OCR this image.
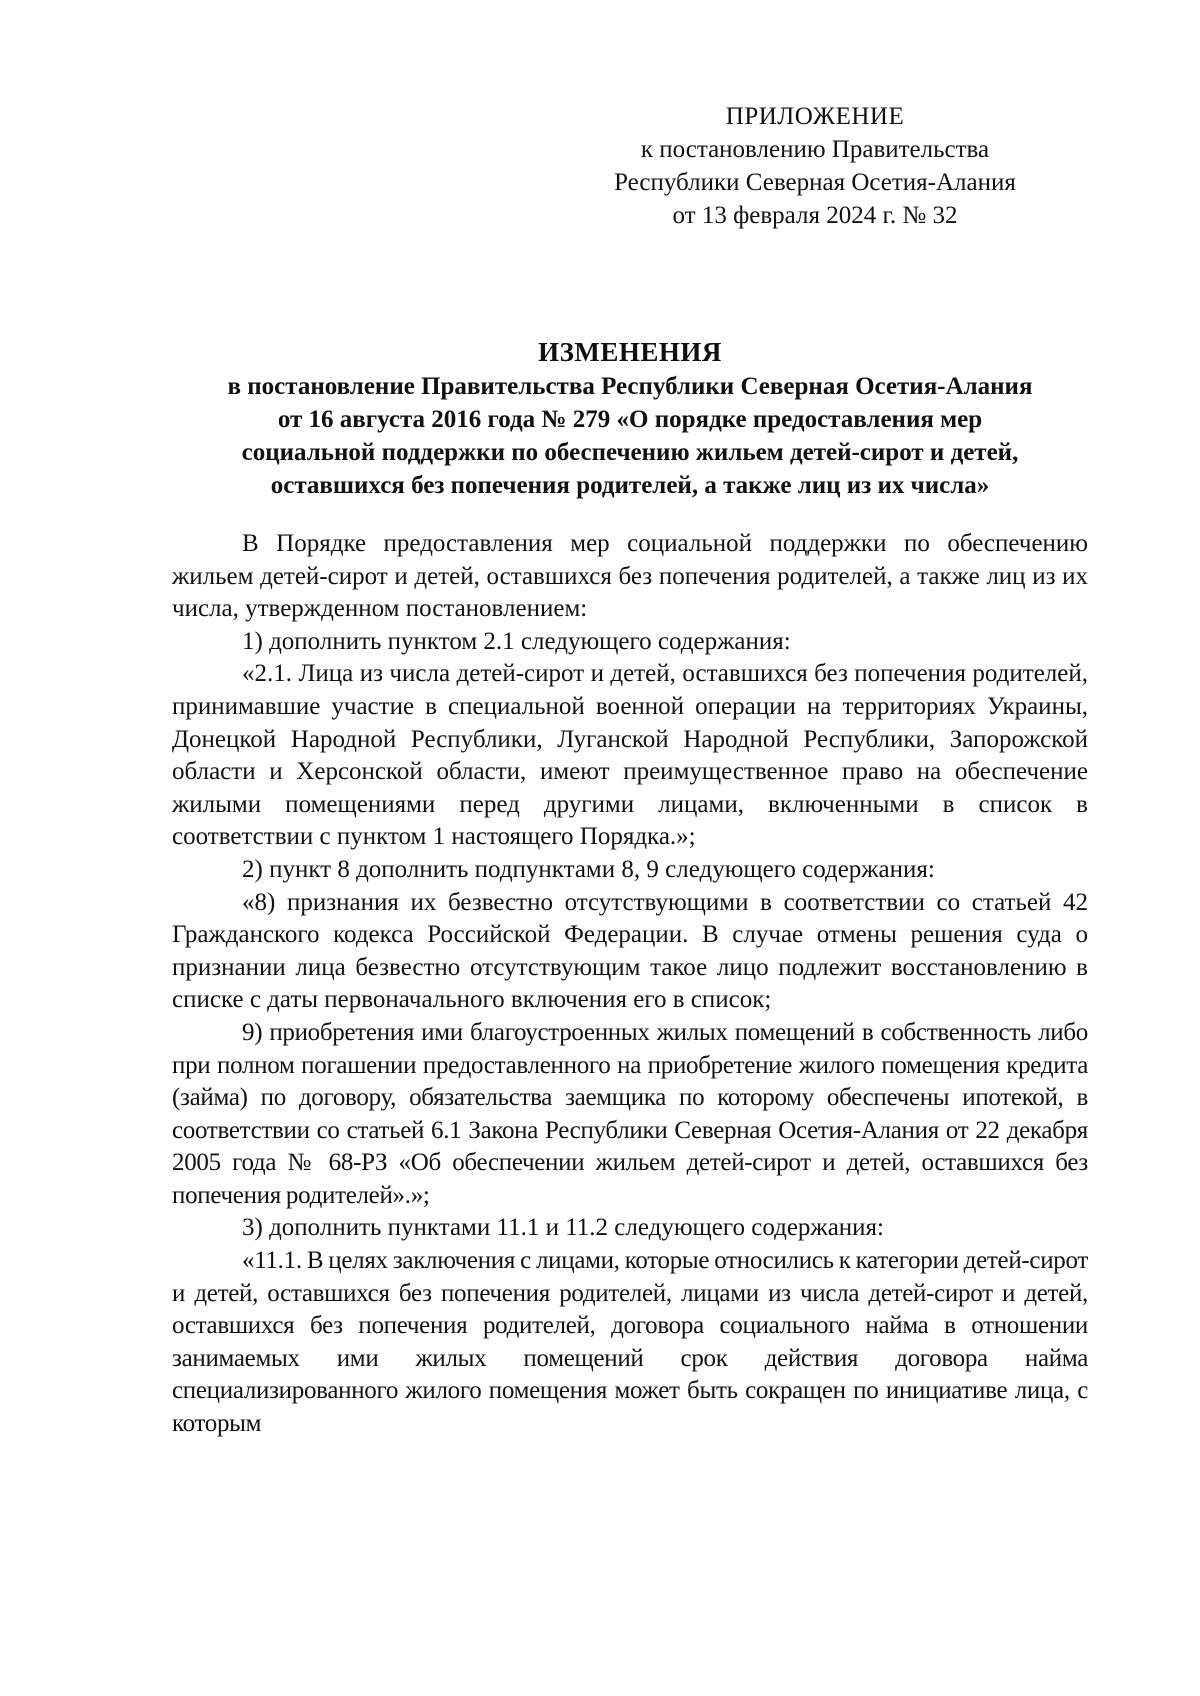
ПРИЛОЖЕНИЕ
к постановлению Правительства
Республики Северная Осетия-Алания
от 13 февраля 2024 г. № 32
ИЗМЕНЕНИЯ
в постановление Правительства Республики Северная Осетия-Алания
от 16 августа 2016 года № 279 «О порядке предоставления мер
социальной поддержки по обеспечению жильем детей-сирот и детей,
оставшихся без попечения родителей, а также лиц из их числа»

В Порядке предоставления мер социальной поддержки по обеспечению жильем детей-сирот и детей, оставшихся без попечения родителей, а также лиц из их числа, утвержденном постановлением:

1) дополнить пунктом 2.1 следующего содержания:

«2.1. Лица из числа детей-сирот и детей, оставшихся без попечения родителей, принимавшие участие в специальной военной операции на территориях Украины, Донецкой Народной Республики, Луганской Народной Республики, Запорожской области и Херсонской области, имеют преимущественное право на обеспечение жилыми помещениями перед другими лицами, включенными в список в соответствии с пунктом 1 настоящего Порядка.»;

2) пункт 8 дополнить подпунктами 8, 9 следующего содержания:

«8) признания их безвестно отсутствующими в соответствии со статьей 42 Гражданского кодекса Российской Федерации. В случае отмены решения суда о признании лица безвестно отсутствующим такое лицо подлежит восстановлению в списке с даты первоначального включения его в список;

9) приобретения ими благоустроенных жилых помещений в собственность либо при полном погашении предоставленного на приобретение жилого помещения кредита (займа) по договору, обязательства заемщика по которому обеспечены ипотекой, в соответствии со статьей 6.1 Закона Республики Северная Осетия-Алания от 22 декабря 2005 года № 68-РЗ «Об обеспечении жильем детей-сирот и детей, оставшихся без попечения родителей».»;

3) дополнить пунктами 11.1 и 11.2 следующего содержания:

«11.1. В целях заключения с лицами, которые относились к категории детей-сирот и детей, оставшихся без попечения родителей, лицами из числа детей-сирот и детей, оставшихся без попечения родителей, договора социального найма в отношении занимаемых ими жилых помещений срок действия договора найма специализированного жилого помещения может быть сокращен по инициативе лица, с которым
